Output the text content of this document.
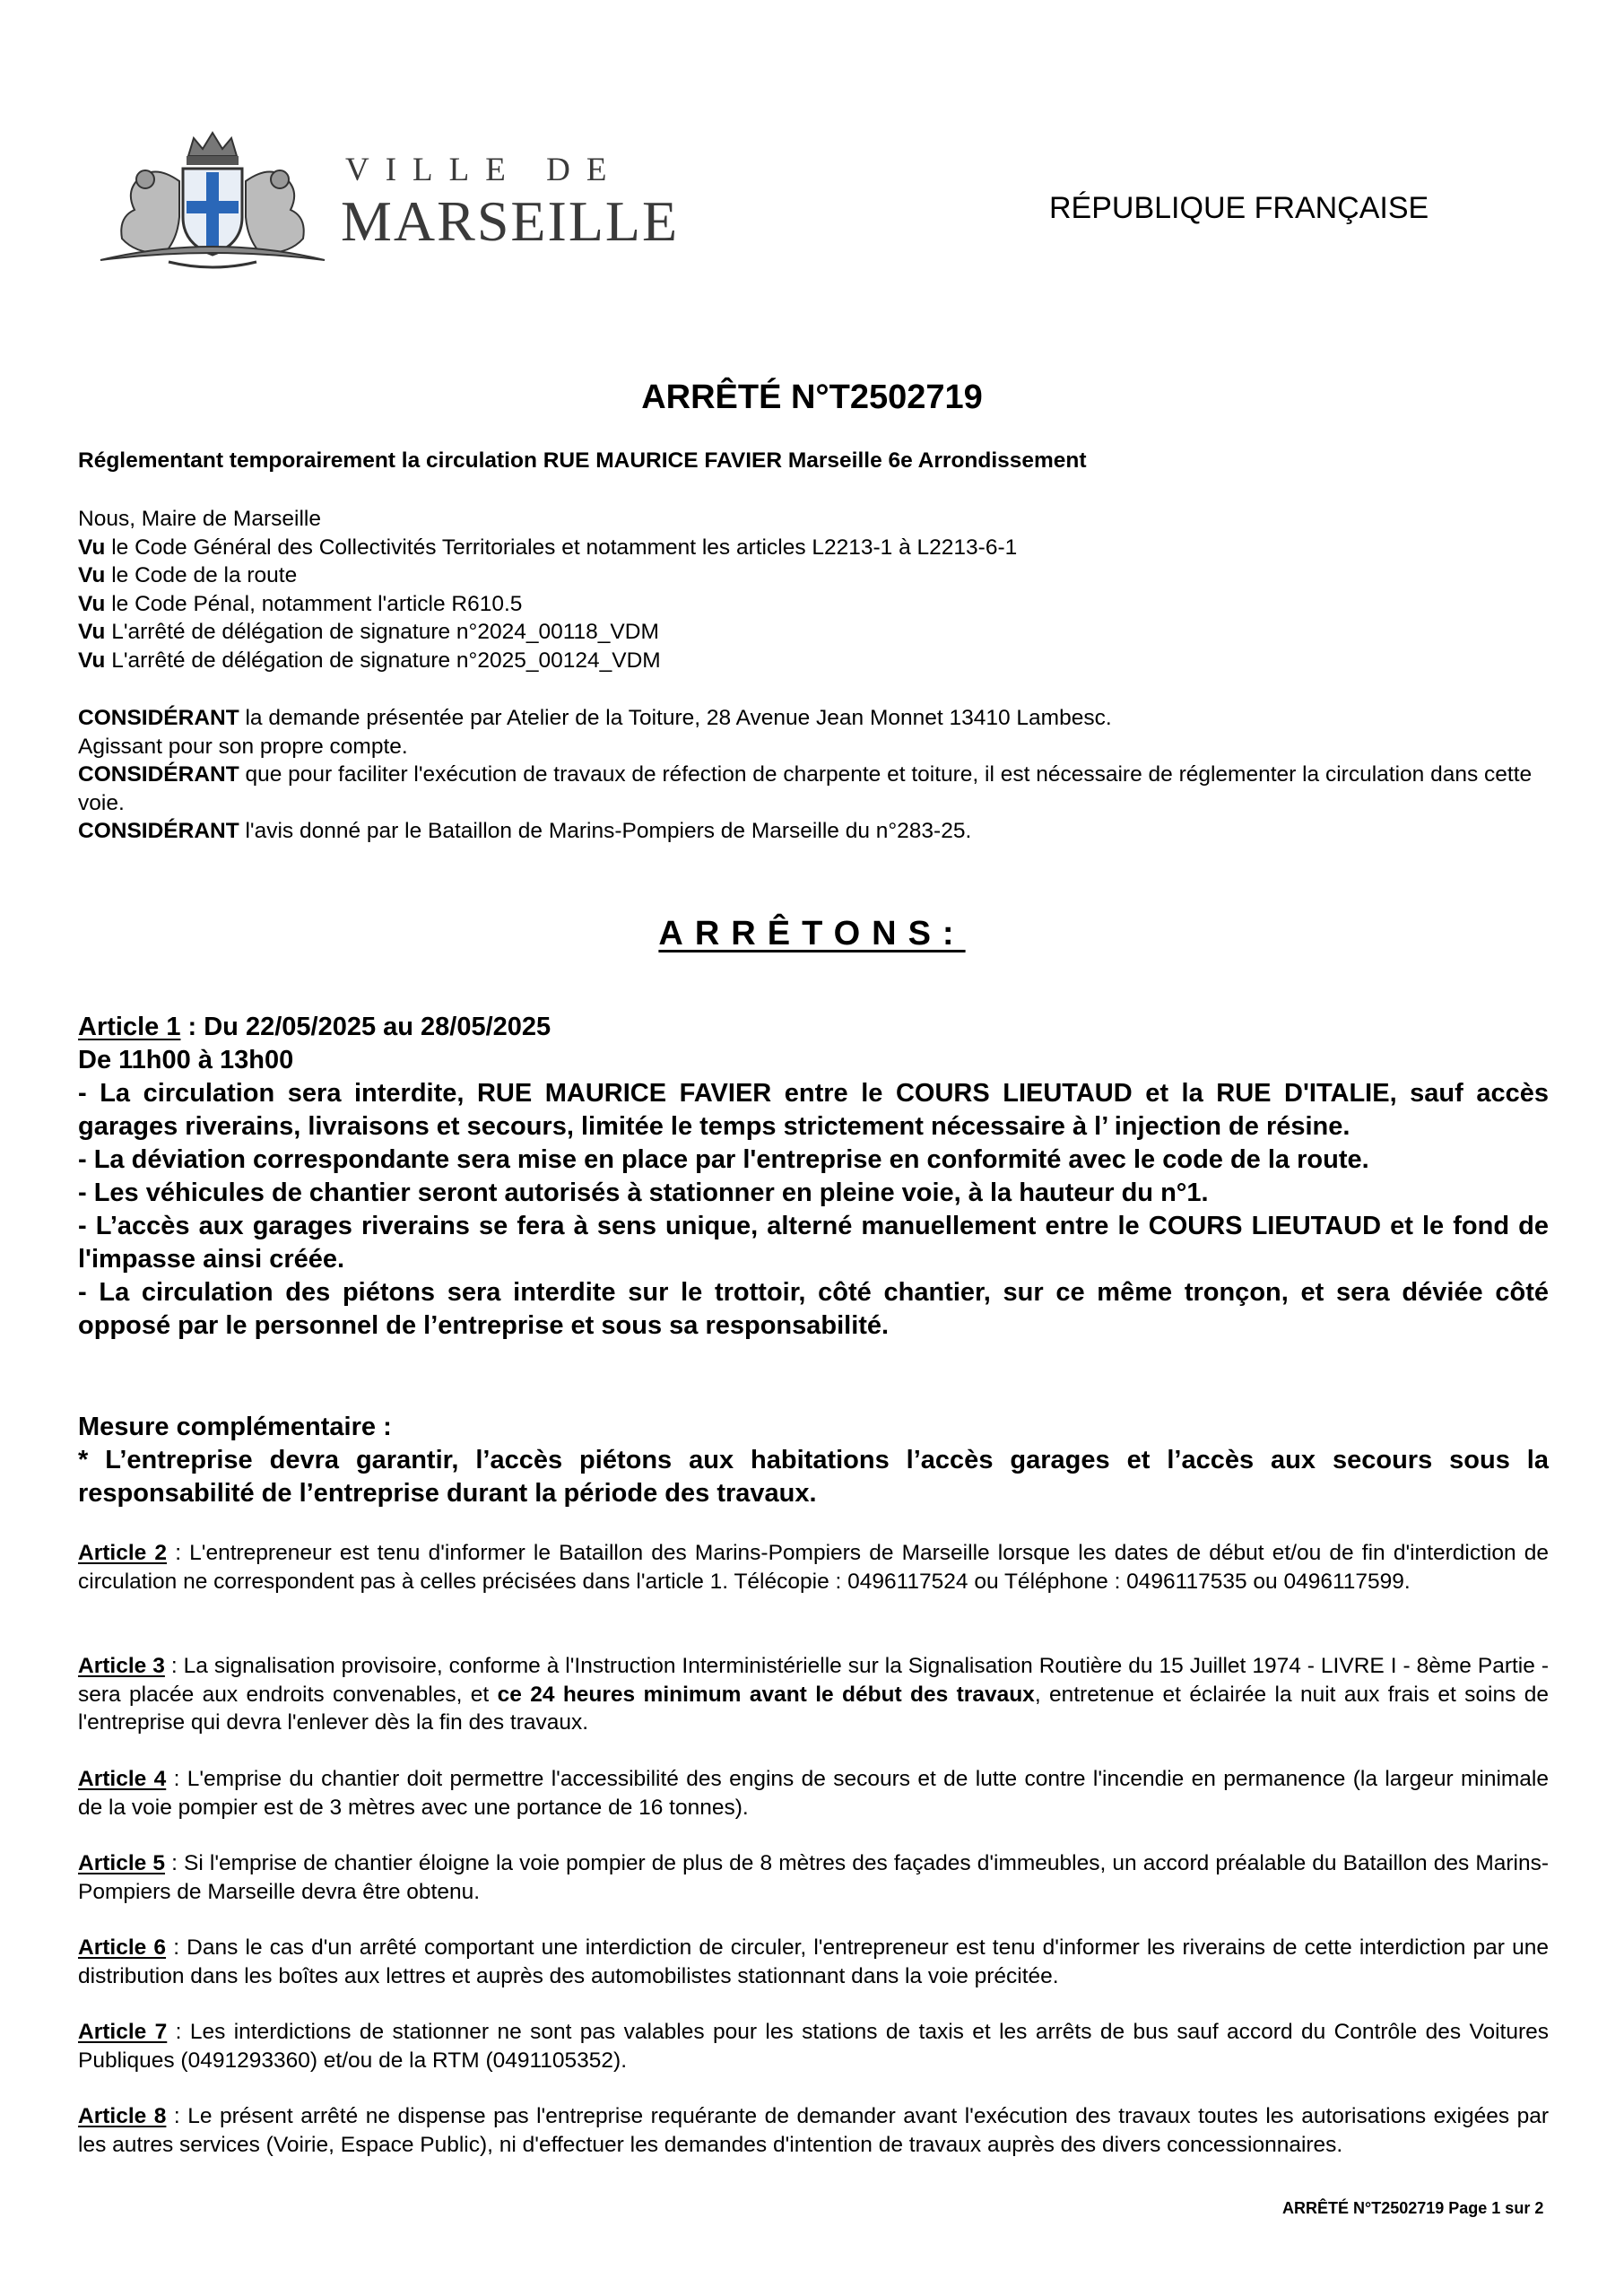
VILLE DE
MARSEILLE	RÉPUBLIQUE FRANÇAISE
ARRÊTÉ N°T2502719
Réglementant temporairement la circulation RUE MAURICE FAVIER Marseille 6e Arrondissement
Nous, Maire de Marseille
Vu le Code Général des Collectivités Territoriales et notamment les articles L2213-1 à L2213-6-1
Vu le Code de la route
Vu le Code Pénal, notamment l'article R610.5
Vu L'arrêté de délégation de signature n°2024_00118_VDM
Vu L'arrêté de délégation de signature n°2025_00124_VDM
CONSIDÉRANT la demande présentée par Atelier de la Toiture, 28 Avenue Jean Monnet 13410 Lambesc.
Agissant pour son propre compte.
CONSIDÉRANT que pour faciliter l'exécution de travaux de réfection de charpente et toiture, il est nécessaire de réglementer la circulation dans cette voie.
CONSIDÉRANT l'avis donné par le Bataillon de Marins-Pompiers de Marseille du n°283-25.
ARRÊTONS:
Article 1 : Du 22/05/2025 au 28/05/2025
De 11h00 à 13h00
- La circulation sera interdite, RUE MAURICE FAVIER entre le COURS LIEUTAUD et la RUE D'ITALIE, sauf accès garages riverains, livraisons et secours, limitée le temps strictement nécessaire à l’ injection de résine.
- La déviation correspondante sera mise en place par l'entreprise en conformité avec le code de la route.
- Les véhicules de chantier seront autorisés à stationner en pleine voie, à la hauteur du n°1.
- L’accès aux garages riverains se fera à sens unique, alterné manuellement entre le COURS LIEUTAUD et le fond de l'impasse ainsi créée.
- La circulation des piétons sera interdite sur le trottoir, côté chantier, sur ce même tronçon, et sera déviée côté opposé par le personnel de l’entreprise et sous sa responsabilité.
Mesure complémentaire :
* L’entreprise devra garantir, l’accès piétons aux habitations l’accès garages et l’accès aux secours sous la responsabilité de l’entreprise durant la période des travaux.
Article 2 : L'entrepreneur est tenu d'informer le Bataillon des Marins-Pompiers de Marseille lorsque les dates de début et/ou de fin d'interdiction de circulation ne correspondent pas à celles précisées dans l'article 1. Télécopie : 0496117524 ou Téléphone : 0496117535 ou 0496117599.
Article 3 : La signalisation provisoire, conforme à l'Instruction Interministérielle sur la Signalisation Routière du 15 Juillet 1974 - LIVRE I - 8ème Partie - sera placée aux endroits convenables, et ce 24 heures minimum avant le début des travaux, entretenue et éclairée la nuit aux frais et soins de l'entreprise qui devra l'enlever dès la fin des travaux.
Article 4 : L'emprise du chantier doit permettre l'accessibilité des engins de secours et de lutte contre l'incendie en permanence (la largeur minimale de la voie pompier est de 3 mètres avec une portance de 16 tonnes).
Article 5 : Si l'emprise de chantier éloigne la voie pompier de plus de 8 mètres des façades d'immeubles, un accord préalable du Bataillon des Marins-Pompiers de Marseille devra être obtenu.
Article 6 : Dans le cas d'un arrêté comportant une interdiction de circuler, l'entrepreneur est tenu d'informer les riverains de cette interdiction par une distribution dans les boîtes aux lettres et auprès des automobilistes stationnant dans la voie précitée.
Article 7 : Les interdictions de stationner ne sont pas valables pour les stations de taxis et les arrêts de bus sauf accord du Contrôle des Voitures Publiques (0491293360) et/ou de la RTM (0491105352).
Article 8 : Le présent arrêté ne dispense pas l'entreprise requérante de demander avant l'exécution des travaux toutes les autorisations exigées par les autres services (Voirie, Espace Public), ni d'effectuer les demandes d'intention de travaux auprès des divers concessionnaires.
ARRÊTÉ N°T2502719 Page 1 sur 2
